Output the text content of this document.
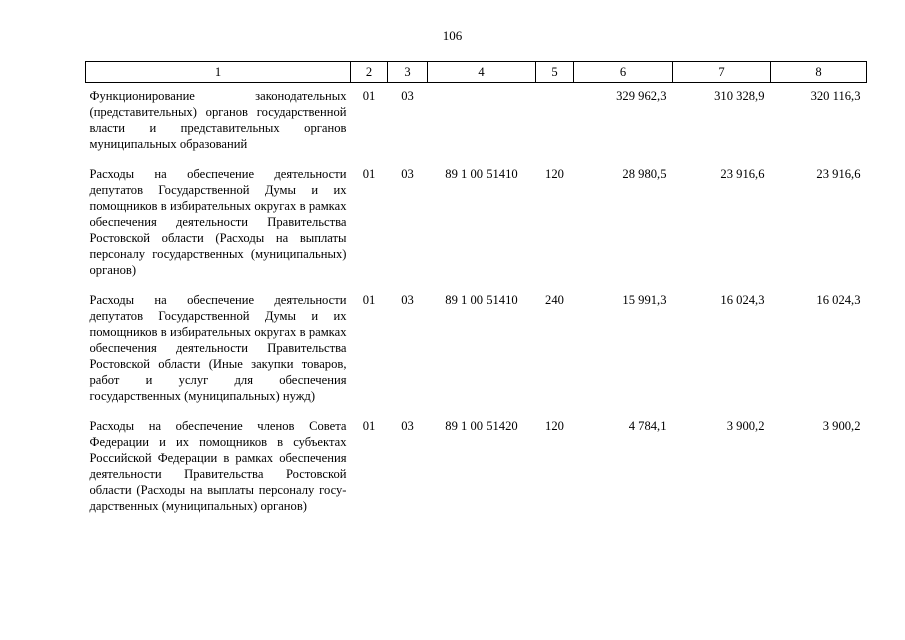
106
1	2	3	4	5	6	7	8
Функционирование законодательных (представительных) органов государственной власти и представительных органов муниципальных образований	01	03			329 962,3	310 328,9	320 116,3
Расходы на обеспечение деятельности депутатов Государственной Думы и их помощников в избирательных округах в рамках обеспечения деятельности Правительства Ростовской области (Расходы на выплаты персоналу государственных (муниципальных) органов)	01	03	89 1 00 51410	120	28 980,5	23 916,6	23 916,6
Расходы на обеспечение деятельности депутатов Государственной Думы и их помощников в избирательных округах в рамках обеспечения деятельности Правительства Ростовской области (Иные закупки товаров, работ и услуг для обеспечения государственных (муниципальных) нужд)	01	03	89 1 00 51410	240	15 991,3	16 024,3	16 024,3
Расходы на обеспечение членов Совета Федерации и их помощников в субъектах Российской Федерации в рамках обеспечения деятельности Правительства Ростовской области (Расходы на выплаты персоналу государственных (муниципальных) органов)	01	03	89 1 00 51420	120	4 784,1	3 900,2	3 900,2
